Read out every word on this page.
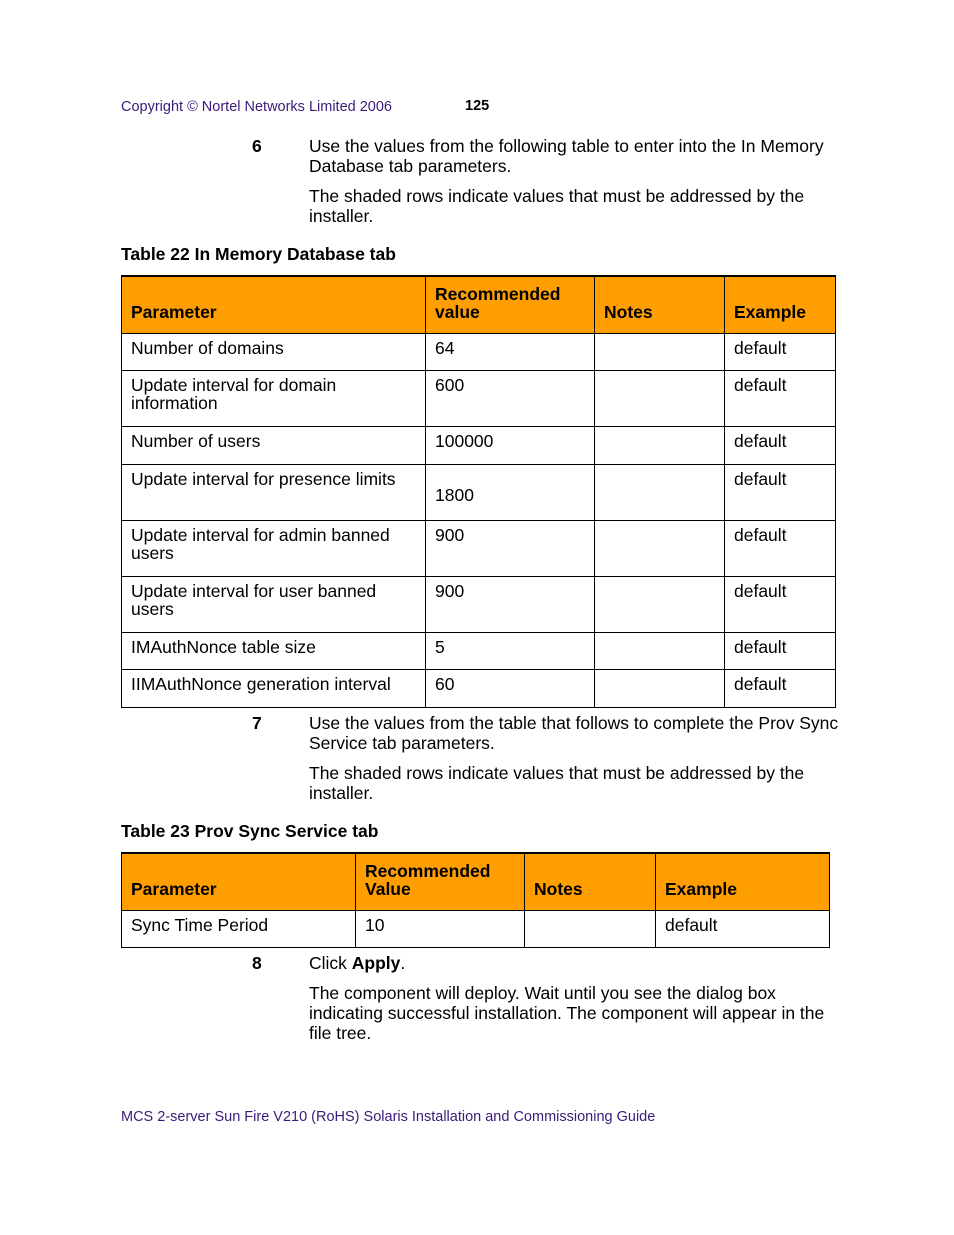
Copyright © Nortel Networks Limited 2006	125
6	Use the values from the following table to enter into the In Memory Database tab parameters.
The shaded rows indicate values that must be addressed by the installer.
Table 22 In Memory Database tab
Parameter	Recommended value	Notes	Example
Number of domains	64		default
Update interval for domain information	600		default
Number of users	100000		default
Update interval for presence limits	1800		default
Update interval for admin banned users	900		default
Update interval for user banned users	900		default
IMAuthNonce table size	5		default
IIMAuthNonce generation interval	60		default
7	Use the values from the table that follows to complete the Prov Sync Service tab parameters.
The shaded rows indicate values that must be addressed by the installer.
Table 23 Prov Sync Service tab
Parameter	Recommended Value	Notes	Example
Sync Time Period	10		default
8	Click Apply.
The component will deploy. Wait until you see the dialog box indicating successful installation. The component will appear in the file tree.
MCS 2-server Sun Fire V210 (RoHS) Solaris Installation and Commissioning Guide
